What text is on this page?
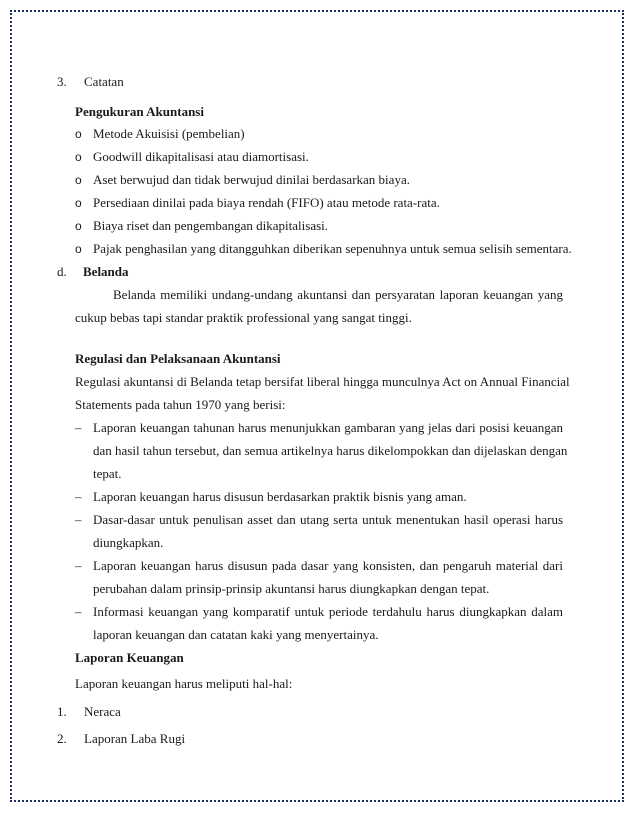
3. Catatan
Pengukuran Akuntansi
o Metode Akuisisi (pembelian)
o Goodwill dikapitalisasi atau diamortisasi.
o Aset berwujud dan tidak berwujud dinilai berdasarkan biaya.
o Persediaan dinilai pada biaya rendah (FIFO) atau metode rata-rata.
o Biaya riset dan pengembangan dikapitalisasi.
o Pajak penghasilan yang ditangguhkan diberikan sepenuhnya untuk semua selisih sementara.
d. Belanda
Belanda memiliki undang-undang akuntansi dan persyaratan laporan keuangan yang
cukup bebas tapi standar praktik professional yang sangat tinggi.
Regulasi dan Pelaksanaan Akuntansi
Regulasi akuntansi di Belanda tetap bersifat liberal hingga munculnya Act on Annual Financial
Statements pada tahun 1970 yang berisi:
– Laporan keuangan tahunan harus menunjukkan gambaran yang jelas dari posisi keuangan
dan hasil tahun tersebut, dan semua artikelnya harus dikelompokkan dan dijelaskan dengan
tepat.
– Laporan keuangan harus disusun berdasarkan praktik bisnis yang aman.
– Dasar-dasar untuk penulisan asset dan utang serta untuk menentukan hasil operasi harus
diungkapkan.
– Laporan keuangan harus disusun pada dasar yang konsisten, dan pengaruh material dari
perubahan dalam prinsip-prinsip akuntansi harus diungkapkan dengan tepat.
– Informasi keuangan yang komparatif untuk periode terdahulu harus diungkapkan dalam
laporan keuangan dan catatan kaki yang menyertainya.
Laporan Keuangan
Laporan keuangan harus meliputi hal-hal:
1. Neraca
2. Laporan Laba Rugi
